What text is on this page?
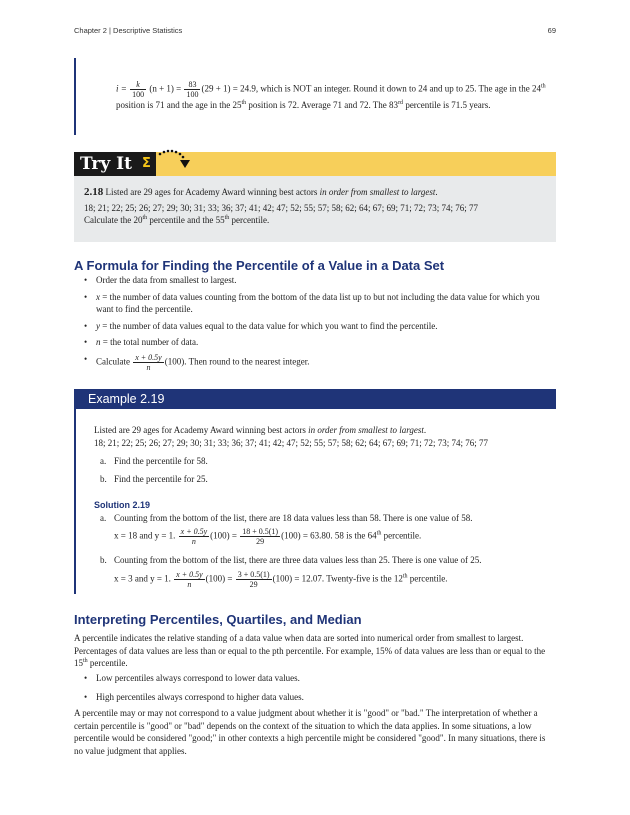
Chapter 2 | Descriptive Statistics	69
$i = \frac{k}{100} (n + 1) = \frac{83}{100} (29 + 1) = 24.9$, which is NOT an integer. Round it down to 24 and up to 25. The age in the 24th position is 71 and the age in the 25th position is 72. Average 71 and 72. The 83rd percentile is 71.5 years.
Try It Σ
2.18 Listed are 29 ages for Academy Award winning best actors in order from smallest to largest.
18; 21; 22; 25; 26; 27; 29; 30; 31; 33; 36; 37; 41; 42; 47; 52; 55; 57; 58; 62; 64; 67; 69; 71; 72; 73; 74; 76; 77
Calculate the 20th percentile and the 55th percentile.
A Formula for Finding the Percentile of a Value in a Data Set
• Order the data from smallest to largest.
• x = the number of data values counting from the bottom of the data list up to but not including the data value for which you want to find the percentile.
• y = the number of data values equal to the data value for which you want to find the percentile.
• n = the total number of data.
• Calculate $\frac{x + 0.5y}{n} (100)$. Then round to the nearest integer.
Example 2.19
Listed are 29 ages for Academy Award winning best actors in order from smallest to largest.
18; 21; 22; 25; 26; 27; 29; 30; 31; 33; 36; 37; 41; 42; 47; 52; 55; 57; 58; 62; 64; 67; 69; 71; 72; 73; 74; 76; 77
a. Find the percentile for 58.
b. Find the percentile for 25.
Solution 2.19
a. Counting from the bottom of the list, there are 18 data values less than 58. There is one value of 58.
x = 18 and y = 1. $\frac{x + 0.5y}{n} (100) = \frac{18 + 0.5(1)}{29} (100) = 63.80$. 58 is the 64th percentile.
b. Counting from the bottom of the list, there are three data values less than 25. There is one value of 25.
x = 3 and y = 1. $\frac{x + 0.5y}{n} (100) = \frac{3 + 0.5(1)}{29} (100) = 12.07$. Twenty-five is the 12th percentile.
Interpreting Percentiles, Quartiles, and Median
A percentile indicates the relative standing of a data value when data are sorted into numerical order from smallest to largest. Percentages of data values are less than or equal to the pth percentile. For example, 15% of data values are less than or equal to the 15th percentile.
• Low percentiles always correspond to lower data values.
• High percentiles always correspond to higher data values.
A percentile may or may not correspond to a value judgment about whether it is "good" or "bad." The interpretation of whether a certain percentile is "good" or "bad" depends on the context of the situation to which the data applies. In some situations, a low percentile would be considered "good;" in other contexts a high percentile might be considered "good". In many situations, there is no value judgment that applies.
